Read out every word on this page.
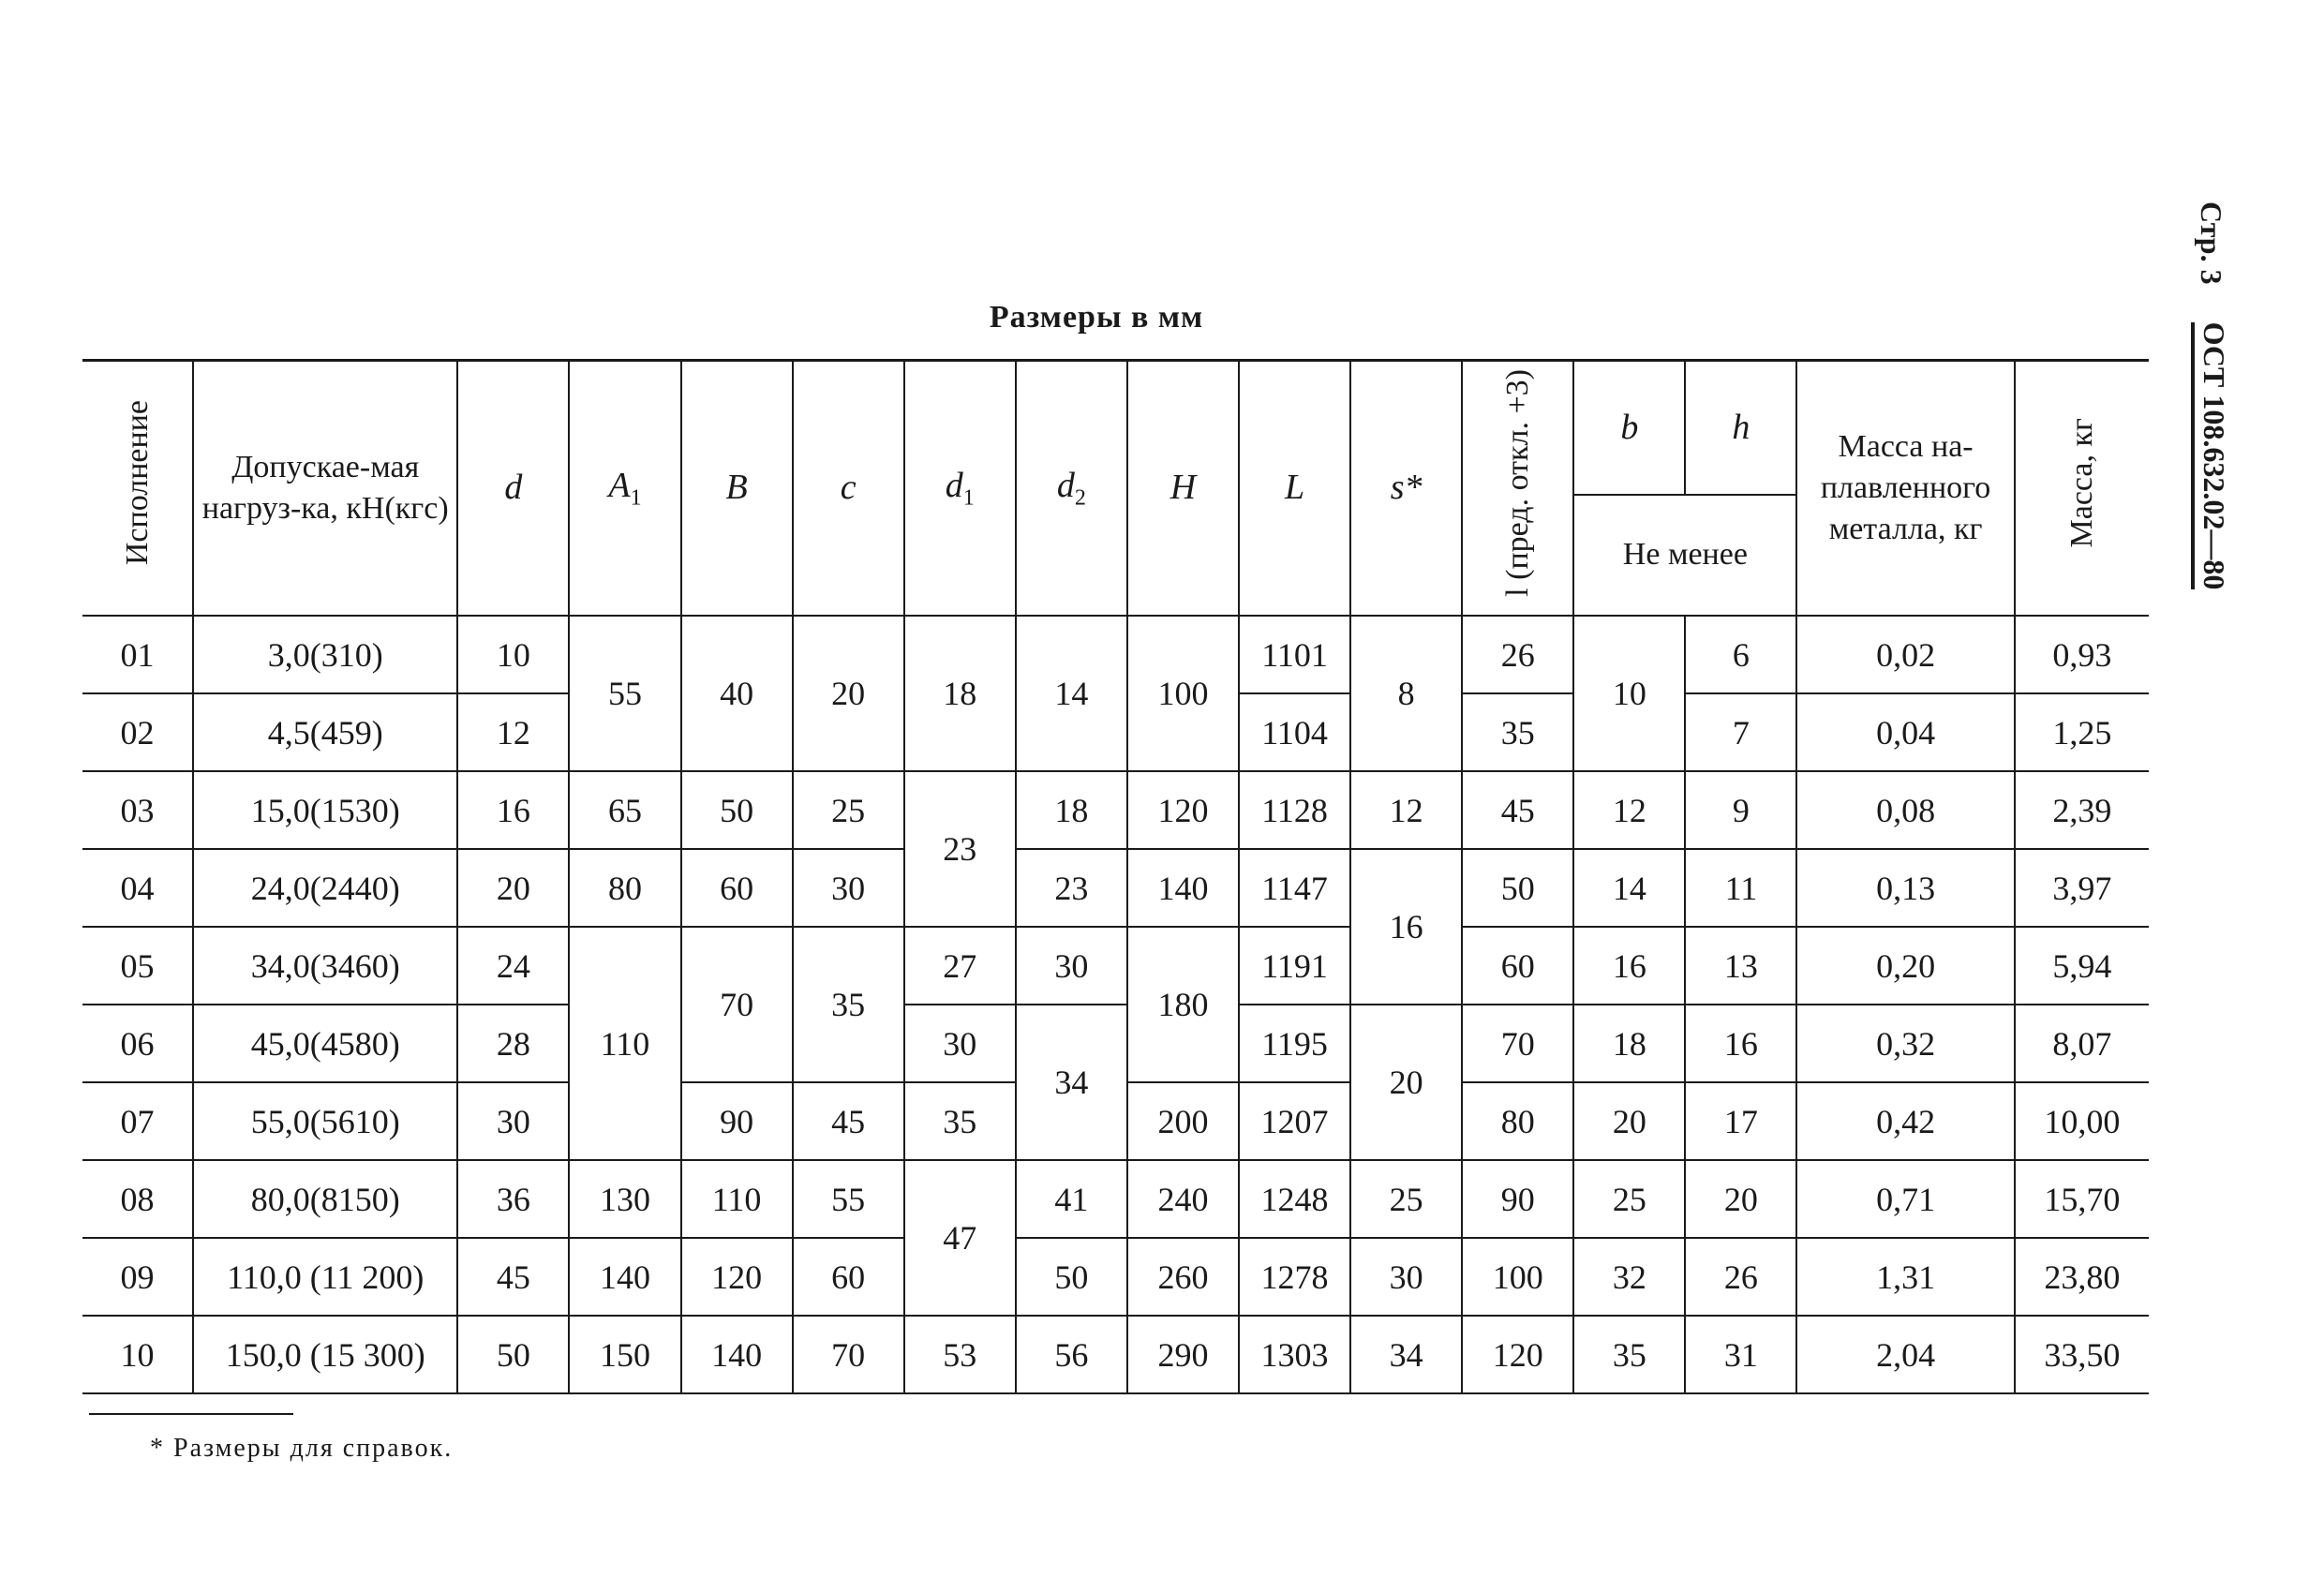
Размеры в мм
Стр. 3
ОСТ 108.632.02—80
Исполнение	Допускае-мая нагруз-ка, кН(кгс)	d	$A_1$	B	c	$d_1$	$d_2$	H	L	s*	l (пред. откл. +3)	b	h	Масса на-плавленного металла, кг	Масса, кг
												Не менее			
01	3,0(310)	10	55	40	20	18	14	100	1101	8	26	10	6	0,02	0,93
02	4,5(459)	12							1104		35		7	0,04	1,25
03	15,0(1530)	16	65	50	25	23	18	120	1128	12	45	12	9	0,08	2,39
04	24,0(2440)	20	80	60	30		23	140	1147	16	50	14	11	0,13	3,97
05	34,0(3460)	24	110	70	35	27	30	180	1191		60	16	13	0,20	5,94
06	45,0(4580)	28				30	34		1195	20	70	18	16	0,32	8,07
07	55,0(5610)	30		90	45	35		200	1207		80	20	17	0,42	10,00
08	80,0(8150)	36	130	110	55	47	41	240	1248	25	90	25	20	0,71	15,70
09	110,0 (11 200)	45	140	120	60		50	260	1278	30	100	32	26	1,31	23,80
10	150,0 (15 300)	50	150	140	70	53	56	290	1303	34	120	35	31	2,04	33,50
* Размеры для справок.
